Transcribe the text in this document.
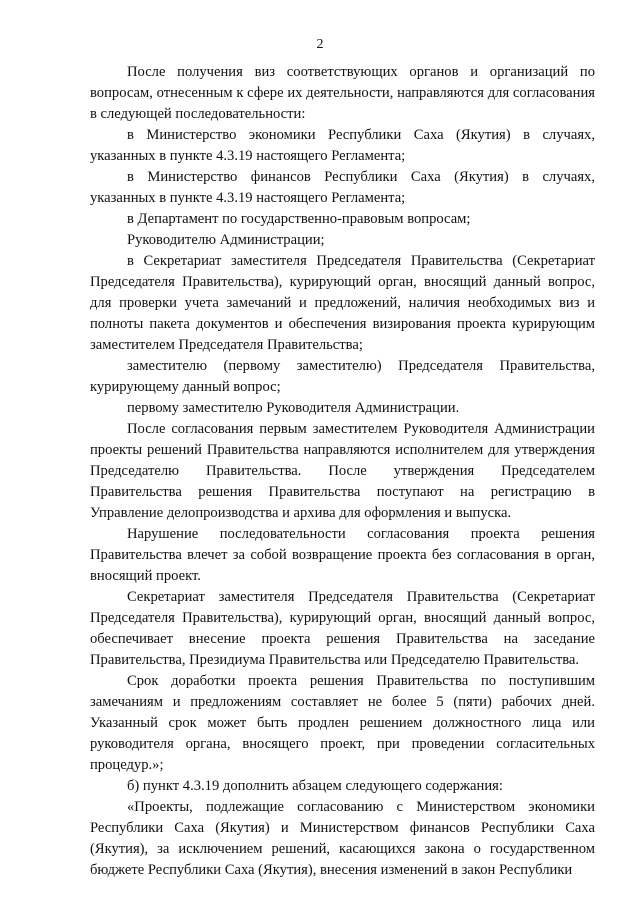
2

После получения виз соответствующих органов и организаций по вопросам, отнесенным к сфере их деятельности, направляются для согласования в следующей последовательности:

в Министерство экономики Республики Саха (Якутия) в случаях, указанных в пункте 4.3.19 настоящего Регламента;

в Министерство финансов Республики Саха (Якутия) в случаях, указанных в пункте 4.3.19 настоящего Регламента;

в Департамент по государственно-правовым вопросам;

Руководителю Администрации;

в Секретариат заместителя Председателя Правительства (Секретариат Председателя Правительства), курирующий орган, вносящий данный вопрос, для проверки учета замечаний и предложений, наличия необходимых виз и полноты пакета документов и обеспечения визирования проекта курирующим заместителем Председателя Правительства;

заместителю (первому заместителю) Председателя Правительства, курирующему данный вопрос;

первому заместителю Руководителя Администрации.

После согласования первым заместителем Руководителя Администрации проекты решений Правительства направляются исполнителем для утверждения Председателю Правительства. После утверждения Председателем Правительства решения Правительства поступают на регистрацию в Управление делопроизводства и архива для оформления и выпуска.

Нарушение последовательности согласования проекта решения Правительства влечет за собой возвращение проекта без согласования в орган, вносящий проект.

Секретариат заместителя Председателя Правительства (Секретариат Председателя Правительства), курирующий орган, вносящий данный вопрос, обеспечивает внесение проекта решения Правительства на заседание Правительства, Президиума Правительства или Председателю Правительства.

Срок доработки проекта решения Правительства по поступившим замечаниям и предложениям составляет не более 5 (пяти) рабочих дней. Указанный срок может быть продлен решением должностного лица или руководителя органа, вносящего проект, при проведении согласительных процедур.»;

б) пункт 4.3.19 дополнить абзацем следующего содержания:

«Проекты, подлежащие согласованию с Министерством экономики Республики Саха (Якутия) и Министерством финансов Республики Саха (Якутия), за исключением решений, касающихся закона о государственном бюджете Республики Саха (Якутия), внесения изменений в закон Республики
